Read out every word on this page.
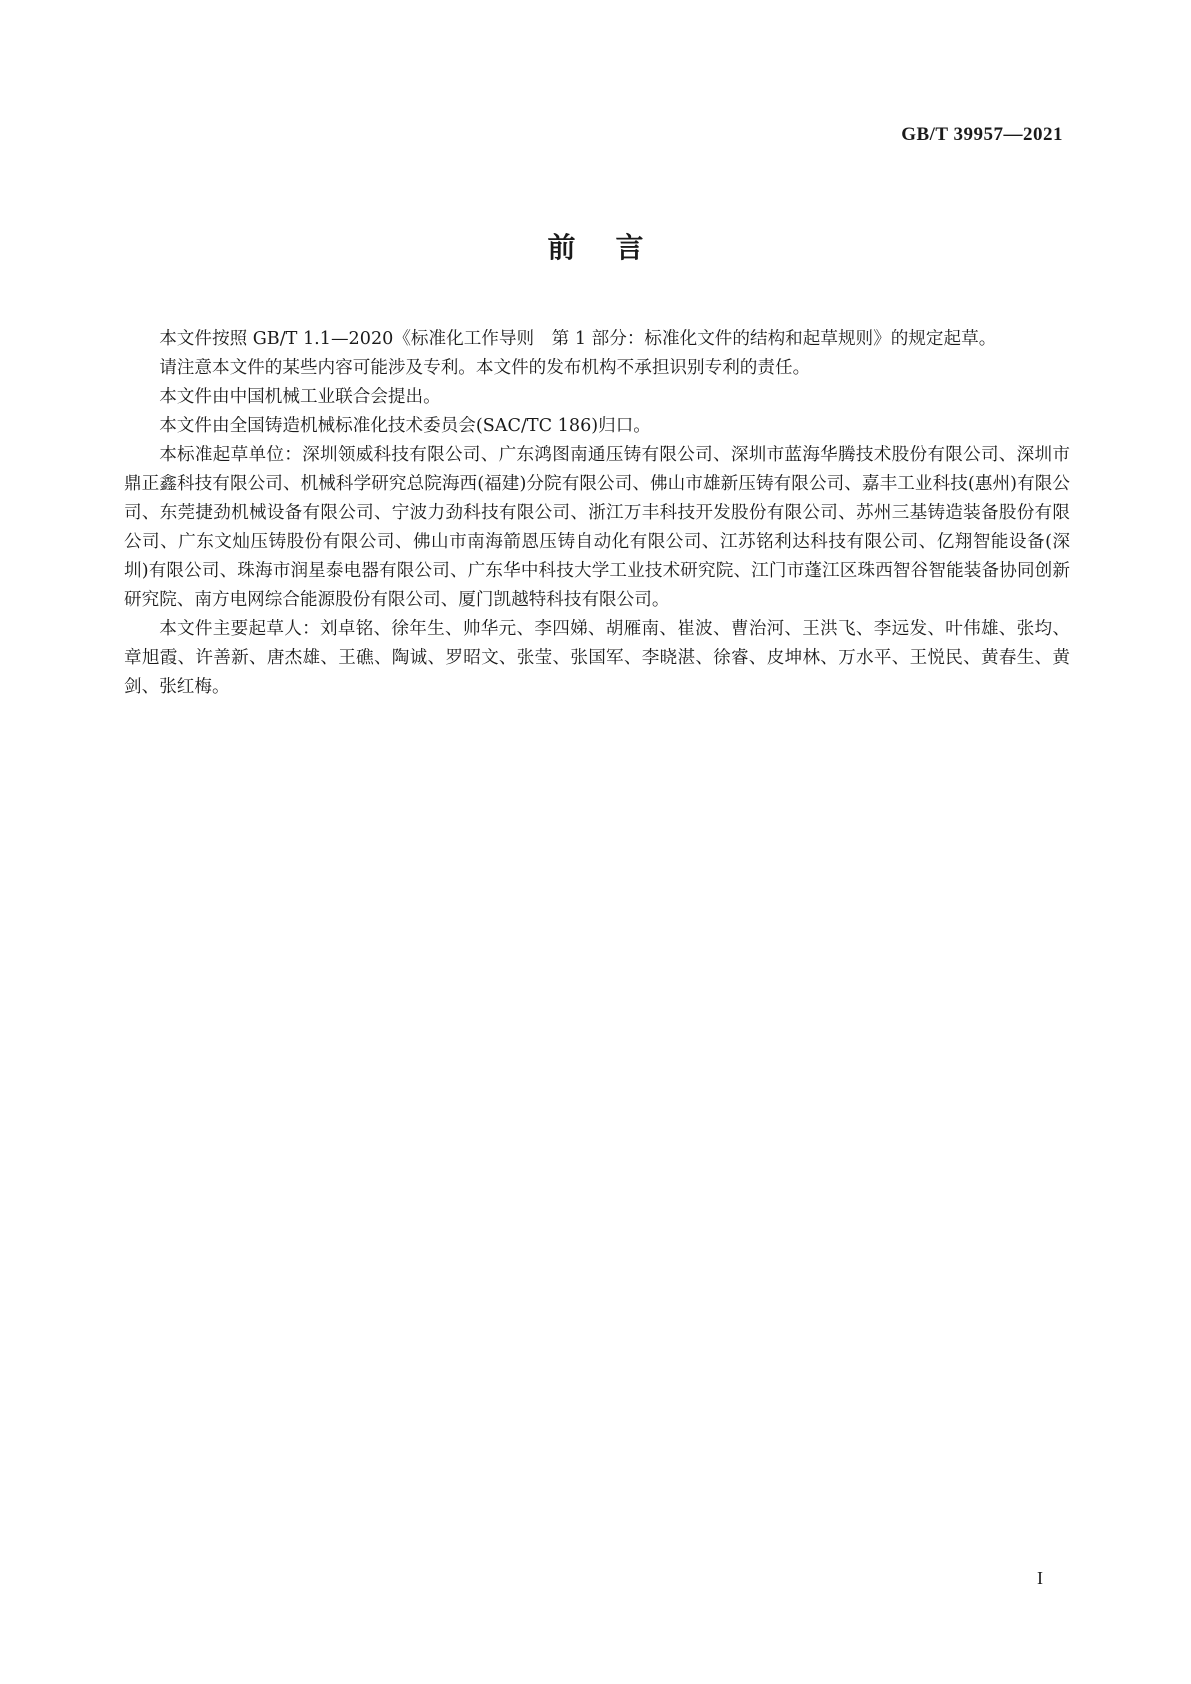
GB/T 39957—2021
前言

本文件按照 GB/T 1.1—2020《标准化工作导则　第 1 部分：标准化文件的结构和起草规则》的规定起草。

请注意本文件的某些内容可能涉及专利。本文件的发布机构不承担识别专利的责任。

本文件由中国机械工业联合会提出。

本文件由全国铸造机械标准化技术委员会(SAC/TC 186)归口。

本标准起草单位：深圳领威科技有限公司、广东鸿图南通压铸有限公司、深圳市蓝海华腾技术股份有限公司、深圳市鼎正鑫科技有限公司、机械科学研究总院海西(福建)分院有限公司、佛山市雄新压铸有限公司、嘉丰工业科技(惠州)有限公司、东莞捷劲机械设备有限公司、宁波力劲科技有限公司、浙江万丰科技开发股份有限公司、苏州三基铸造装备股份有限公司、广东文灿压铸股份有限公司、佛山市南海箭恩压铸自动化有限公司、江苏铭利达科技有限公司、亿翔智能设备(深圳)有限公司、珠海市润星泰电器有限公司、广东华中科技大学工业技术研究院、江门市蓬江区珠西智谷智能装备协同创新研究院、南方电网综合能源股份有限公司、厦门凯越特科技有限公司。

本文件主要起草人：刘卓铭、徐年生、帅华元、李四娣、胡雁南、崔波、曹治河、王洪飞、李远发、叶伟雄、张均、章旭霞、许善新、唐杰雄、王礁、陶诚、罗昭文、张莹、张国军、李晓湛、徐睿、皮坤林、万水平、王悦民、黄春生、黄剑、张红梅。

I
